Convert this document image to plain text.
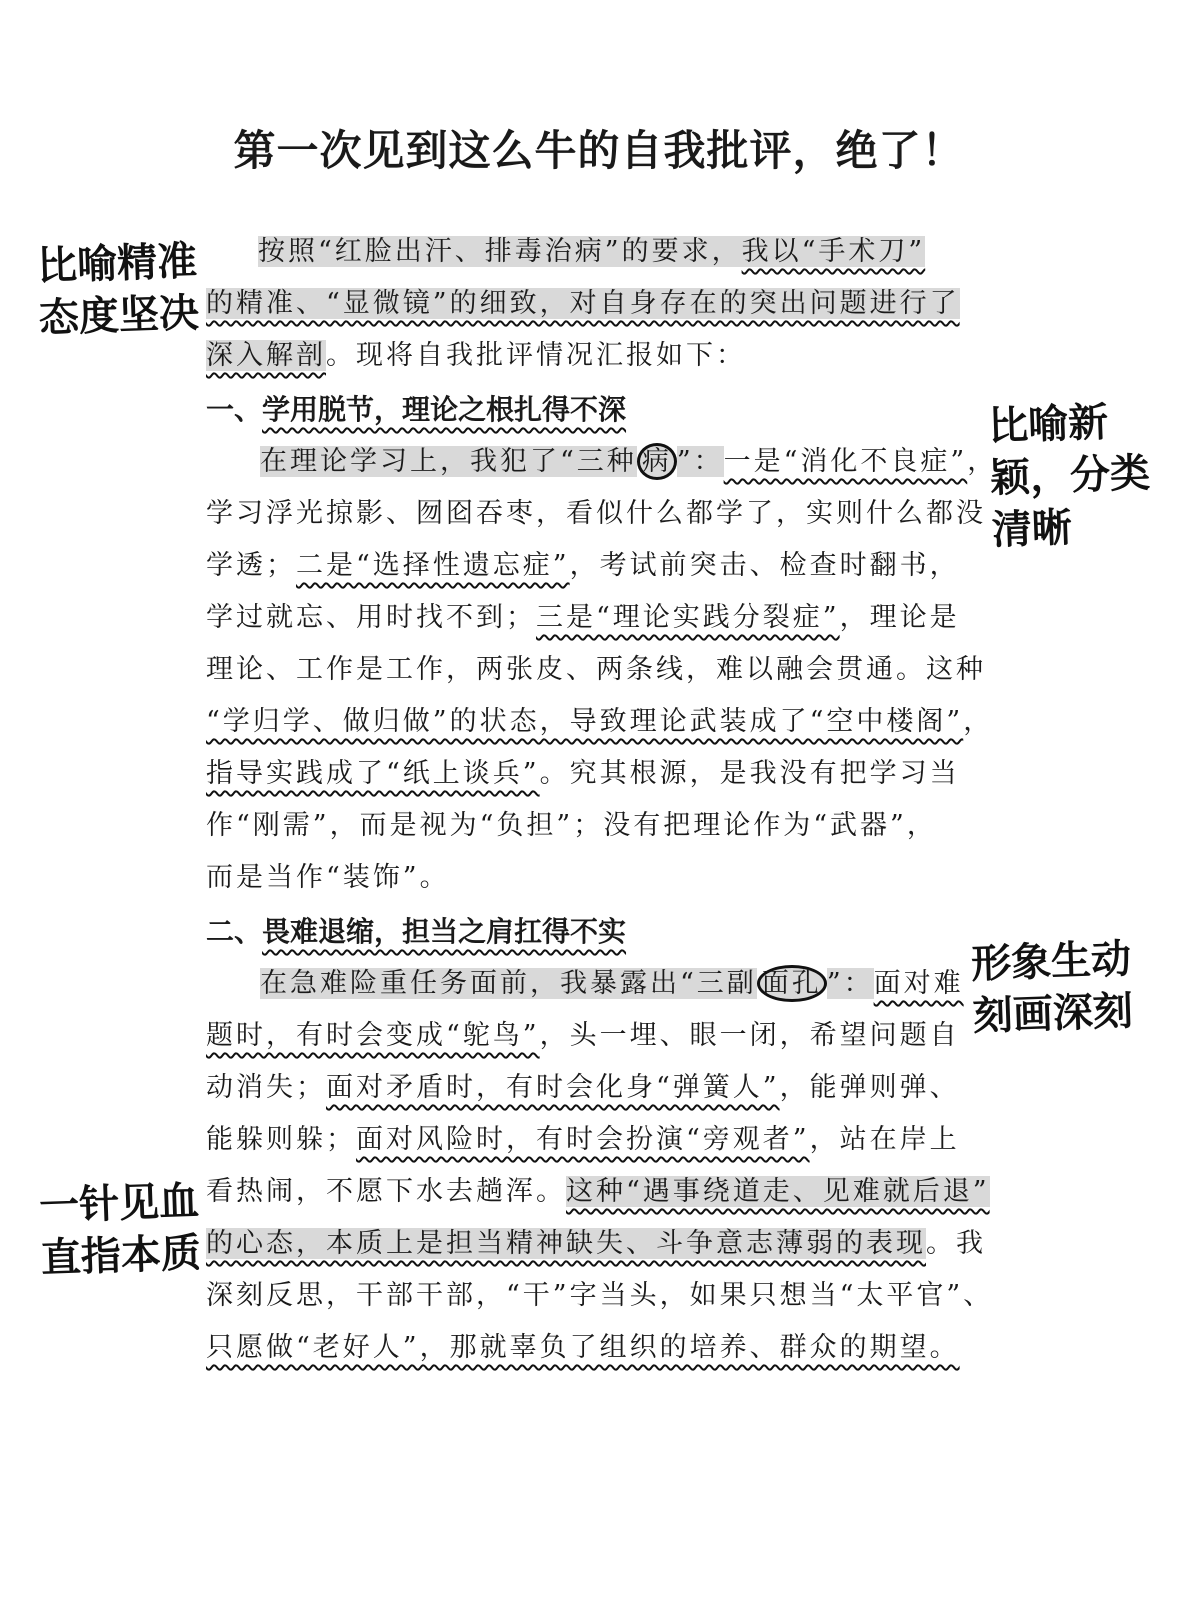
第一次见到这么牛的自我批评，绝了！
比喻精准
态度坚决
比喻新
颖，分类
清晰
形象生动
刻画深刻
一针见血
直指本质
按照“红脸出汗、排毒治病”的要求，我以“手术刀”
的精准、“显微镜”的细致，对自身存在的突出问题进行了
深入解剖。现将自我批评情况汇报如下：
一、学用脱节，理论之根扎得不深
在理论学习上，我犯了“三种 病 ”：一是“消化不良症”，
学习浮光掠影、囫囵吞枣，看似什么都学了，实则什么都没
学透；二是“选择性遗忘症”，考试前突击、检查时翻书，
学过就忘、用时找不到；三是“理论实践分裂症”，理论是
理论、工作是工作，两张皮、两条线，难以融会贯通。这种
“学归学、做归做”的状态，导致理论武装成了“空中楼阁”，
指导实践成了“纸上谈兵”。究其根源，是我没有把学习当
作“刚需”，而是视为“负担”；没有把理论作为“武器”，
而是当作“装饰”。
二、畏难退缩，担当之肩扛得不实
在急难险重任务面前，我暴露出“三副 面孔 ”：面对难
题时，有时会变成“鸵鸟”，头一埋、眼一闭，希望问题自
动消失；面对矛盾时，有时会化身“弹簧人”，能弹则弹、
能躲则躲；面对风险时，有时会扮演“旁观者”，站在岸上
看热闹，不愿下水去趟浑。这种“遇事绕道走、见难就后退”
的心态，本质上是担当精神缺失、斗争意志薄弱的表现。我
深刻反思，干部干部，“干”字当头，如果只想当“太平官”、
只愿做“老好人”，那就辜负了组织的培养、群众的期望。
